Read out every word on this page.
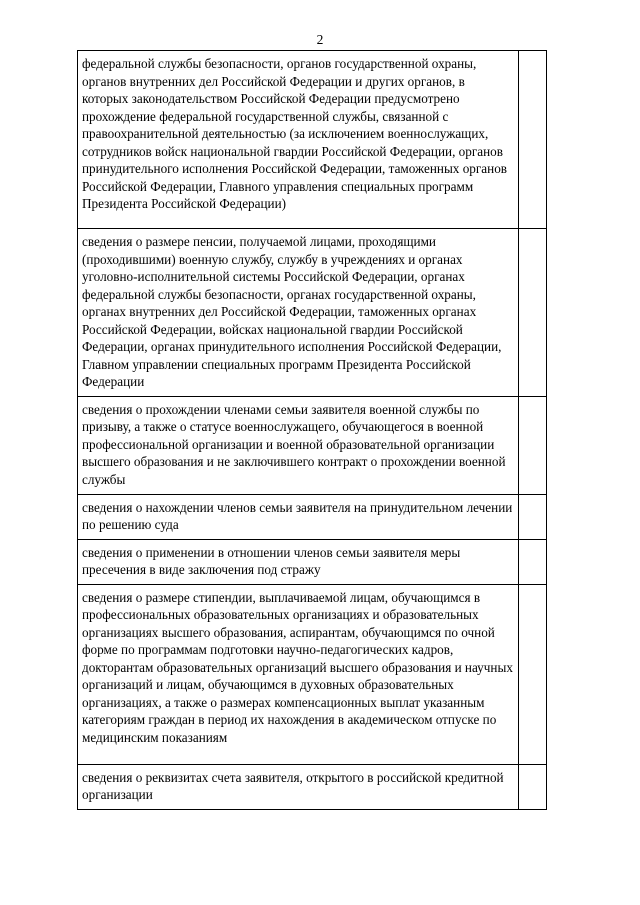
2
федеральной службы безопасности, органов государственной охраны, органов внутренних дел Российской Федерации и других органов, в которых законодательством Российской Федерации предусмотрено прохождение федеральной государственной службы, связанной с правоохранительной деятельностью (за исключением военнослужащих, сотрудников войск национальной гвардии Российской Федерации, органов принудительного исполнения Российской Федерации, таможенных органов Российской Федерации, Главного управления специальных программ Президента Российской Федерации)	
сведения о размере пенсии, получаемой лицами, проходящими (проходившими) военную службу, службу в учреждениях и органах уголовно-исполнительной системы Российской Федерации, органах федеральной службы безопасности, органах государственной охраны, органах внутренних дел Российской Федерации, таможенных органах Российской Федерации, войсках национальной гвардии Российской Федерации, органах принудительного исполнения Российской Федерации, Главном управлении специальных программ Президента Российской Федерации	
сведения о прохождении членами семьи заявителя военной службы по призыву, а также о статусе военнослужащего, обучающегося в военной профессиональной организации и военной образовательной организации высшего образования и не заключившего контракт о прохождении военной службы	
сведения о нахождении членов семьи заявителя на принудительном лечении по решению суда	
сведения о применении в отношении членов семьи заявителя меры пресечения в виде заключения под стражу	
сведения о размере стипендии, выплачиваемой лицам, обучающимся в профессиональных образовательных организациях и образовательных организациях высшего образования, аспирантам, обучающимся по очной форме по программам подготовки научно-педагогических кадров, докторантам образовательных организаций высшего образования и научных организаций и лицам, обучающимся в духовных образовательных организациях, а также о размерах компенсационных выплат указанным категориям граждан в период их нахождения в академическом отпуске по медицинским показаниям	
сведения о реквизитах счета заявителя, открытого в российской кредитной организации	
